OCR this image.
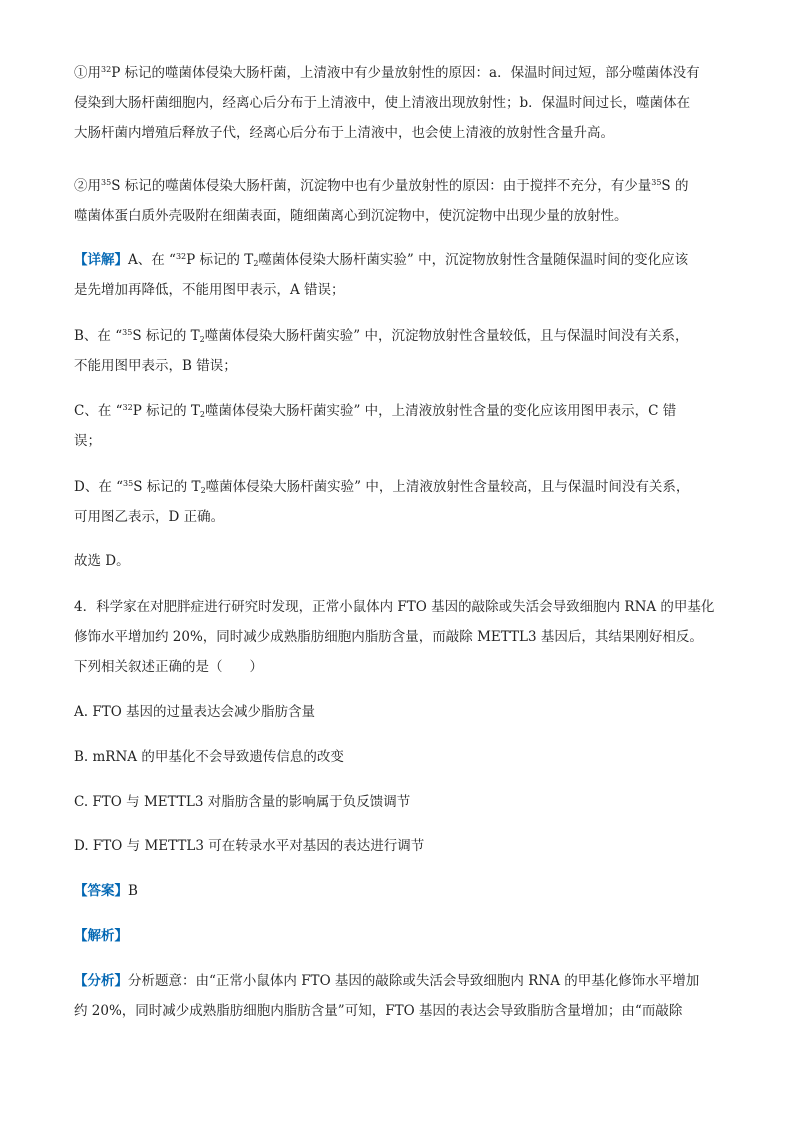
①用$^{32}$P 标记的噬菌体侵染大肠杆菌，上清液中有少量放射性的原因：a．保温时间过短，部分噬菌体没有
侵染到大肠杆菌细胞内，经离心后分布于上清液中，使上清液出现放射性；b．保温时间过长，噬菌体在
大肠杆菌内增殖后释放子代，经离心后分布于上清液中，也会使上清液的放射性含量升高。

②用$^{35}$S 标记的噬菌体侵染大肠杆菌，沉淀物中也有少量放射性的原因：由于搅拌不充分，有少量$^{35}$S 的
噬菌体蛋白质外壳吸附在细菌表面，随细菌离心到沉淀物中，使沉淀物中出现少量的放射性。

【详解】A、在 “$^{32}$P 标记的 $T_2$噬菌体侵染大肠杆菌实验” 中，沉淀物放射性含量随保温时间的变化应该
是先增加再降低，不能用图甲表示，A 错误；

B、在 “$^{35}$S 标记的 $T_2$噬菌体侵染大肠杆菌实验” 中，沉淀物放射性含量较低，且与保温时间没有关系，
不能用图甲表示，B 错误；

C、在 “$^{32}$P 标记的 $T_2$噬菌体侵染大肠杆菌实验” 中，上清液放射性含量的变化应该用图甲表示，C 错
误；

D、在 “$^{35}$S 标记的 $T_2$噬菌体侵染大肠杆菌实验” 中，上清液放射性含量较高，且与保温时间没有关系，
可用图乙表示，D 正确。

故选 D。

4．科学家在对肥胖症进行研究时发现，正常小鼠体内 FTO 基因的敲除或失活会导致细胞内 RNA 的甲基化
修饰水平增加约 20%，同时减少成熟脂肪细胞内脂肪含量，而敲除 METTL3 基因后，其结果刚好相反。
下列相关叙述正确的是（　　）

A. FTO 基因的过量表达会减少脂肪含量

B. mRNA 的甲基化不会导致遗传信息的改变

C. FTO 与 METTL3 对脂肪含量的影响属于负反馈调节

D. FTO 与 METTL3 可在转录水平对基因的表达进行调节

【答案】B

【解析】

【分析】分析题意：由“正常小鼠体内 FTO 基因的敲除或失活会导致细胞内 RNA 的甲基化修饰水平增加
约 20%，同时减少成熟脂肪细胞内脂肪含量”可知，FTO 基因的表达会导致脂肪含量增加；由“而敲除
